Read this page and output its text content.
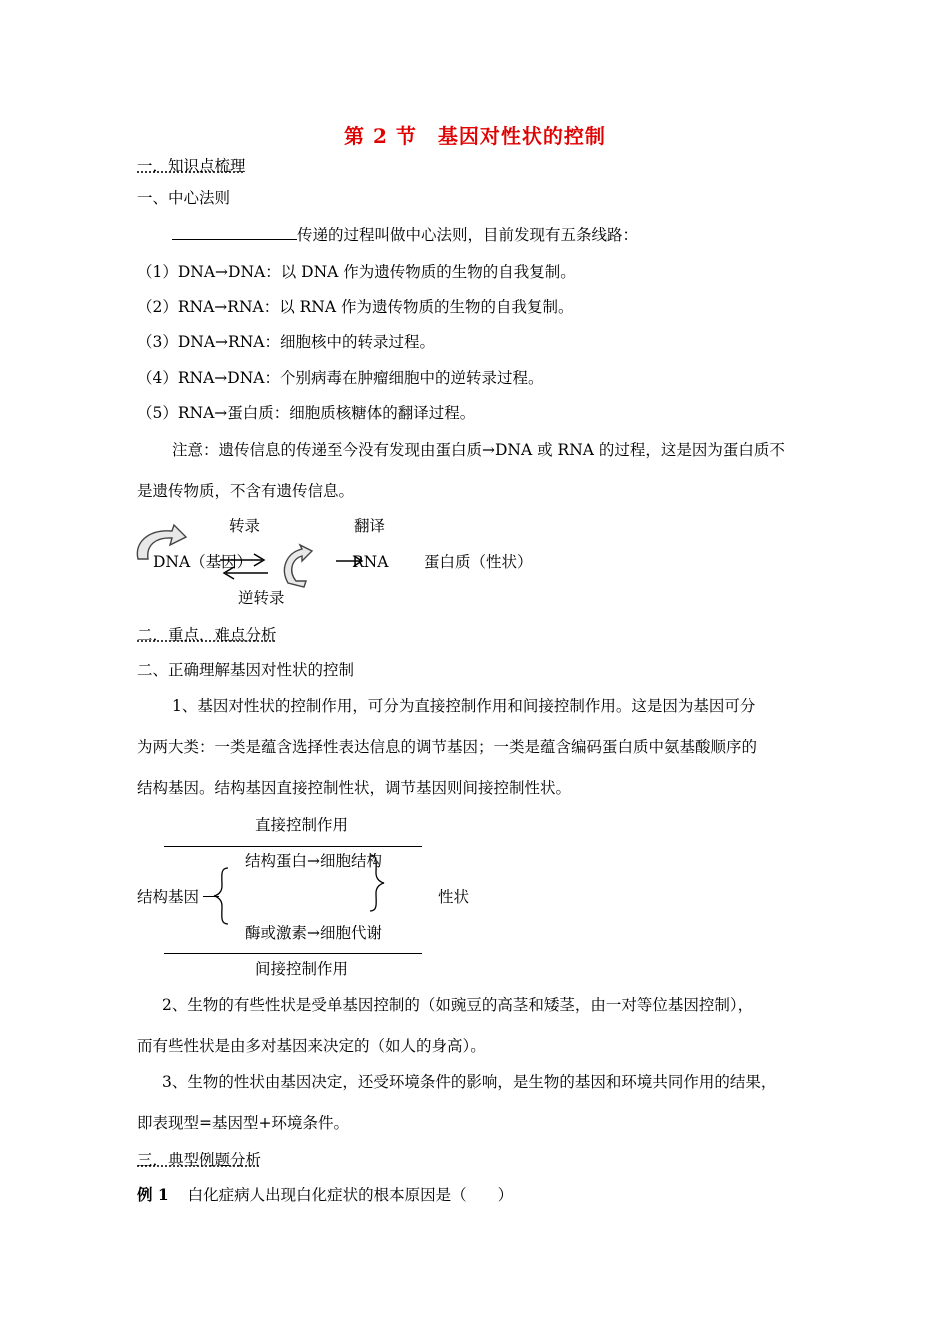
第 2 节　基因对性状的控制
一．知识点梳理
一、中心法则
传递的过程叫做中心法则，目前发现有五条线路：
（1）DNA→DNA：以 DNA 作为遗传物质的生物的自我复制。
（2）RNA→RNA：以 RNA 作为遗传物质的生物的自我复制。
（3）DNA→RNA：细胞核中的转录过程。
（4）RNA→DNA：个别病毒在肿瘤细胞中的逆转录过程。
（5）RNA→蛋白质：细胞质核糖体的翻译过程。
注意：遗传信息的传递至今没有发现由蛋白质→DNA 或 RNA 的过程，这是因为蛋白质不
是遗传物质，不含有遗传信息。
转录	翻译
DNA（基因）	RNA 蛋白质（性状）
逆转录
二．重点．难点分析
二、正确理解基因对性状的控制
1、基因对性状的控制作用，可分为直接控制作用和间接控制作用。这是因为基因可分
为两大类：一类是蕴含选择性表达信息的调节基因；一类是蕴含编码蛋白质中氨基酸顺序的
结构基因。结构基因直接控制性状，调节基因则间接控制性状。
直接控制作用
结构蛋白→细胞结构
结构基因	性状
酶或激素→细胞代谢
间接控制作用
2、生物的有些性状是受单基因控制的（如豌豆的高茎和矮茎，由一对等位基因控制），
而有些性状是由多对基因来决定的（如人的身高）。
3、生物的性状由基因决定，还受环境条件的影响，是生物的基因和环境共同作用的结果，
即表现型=基因型+环境条件。
三．典型例题分析
例 1 白化症病人出现白化症状的根本原因是（　　）
